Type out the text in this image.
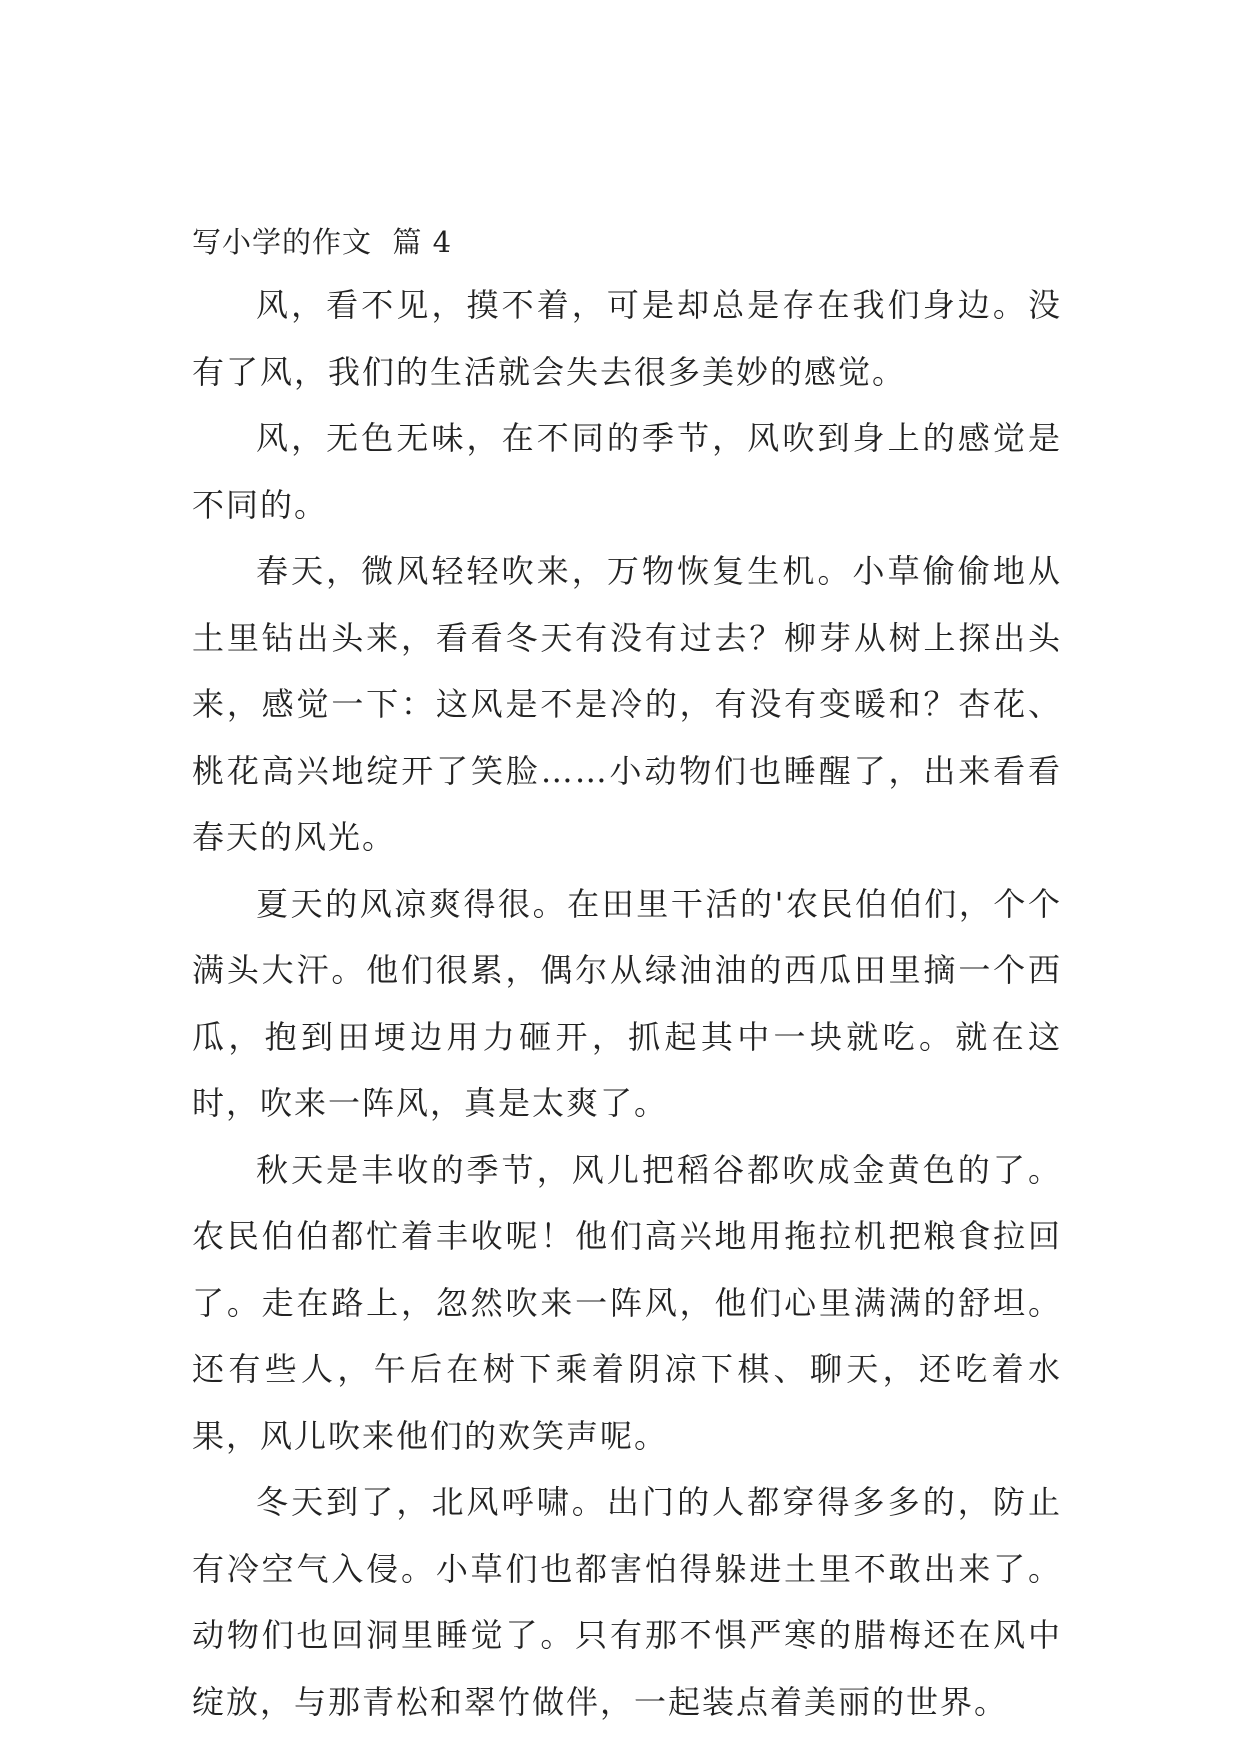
写小学的作文  篇 4

风，看不见，摸不着，可是却总是存在我们身边。没有了风，我们的生活就会失去很多美妙的感觉。

风，无色无味，在不同的季节，风吹到身上的感觉是不同的。

春天，微风轻轻吹来，万物恢复生机。小草偷偷地从土里钻出头来，看看冬天有没有过去？柳芽从树上探出头来，感觉一下：这风是不是冷的，有没有变暖和？杏花、桃花高兴地绽开了笑脸……小动物们也睡醒了，出来看看春天的风光。

夏天的风凉爽得很。在田里干活的'农民伯伯们，个个满头大汗。他们很累，偶尔从绿油油的西瓜田里摘一个西瓜，抱到田埂边用力砸开，抓起其中一块就吃。就在这时，吹来一阵风，真是太爽了。

秋天是丰收的季节，风儿把稻谷都吹成金黄色的了。农民伯伯都忙着丰收呢！他们高兴地用拖拉机把粮食拉回了。走在路上，忽然吹来一阵风，他们心里满满的舒坦。还有些人，午后在树下乘着阴凉下棋、聊天，还吃着水果，风儿吹来他们的欢笑声呢。

冬天到了，北风呼啸。出门的人都穿得多多的，防止有冷空气入侵。小草们也都害怕得躲进土里不敢出来了。动物们也回洞里睡觉了。只有那不惧严寒的腊梅还在风中绽放，与那青松和翠竹做伴，一起装点着美丽的世界。
